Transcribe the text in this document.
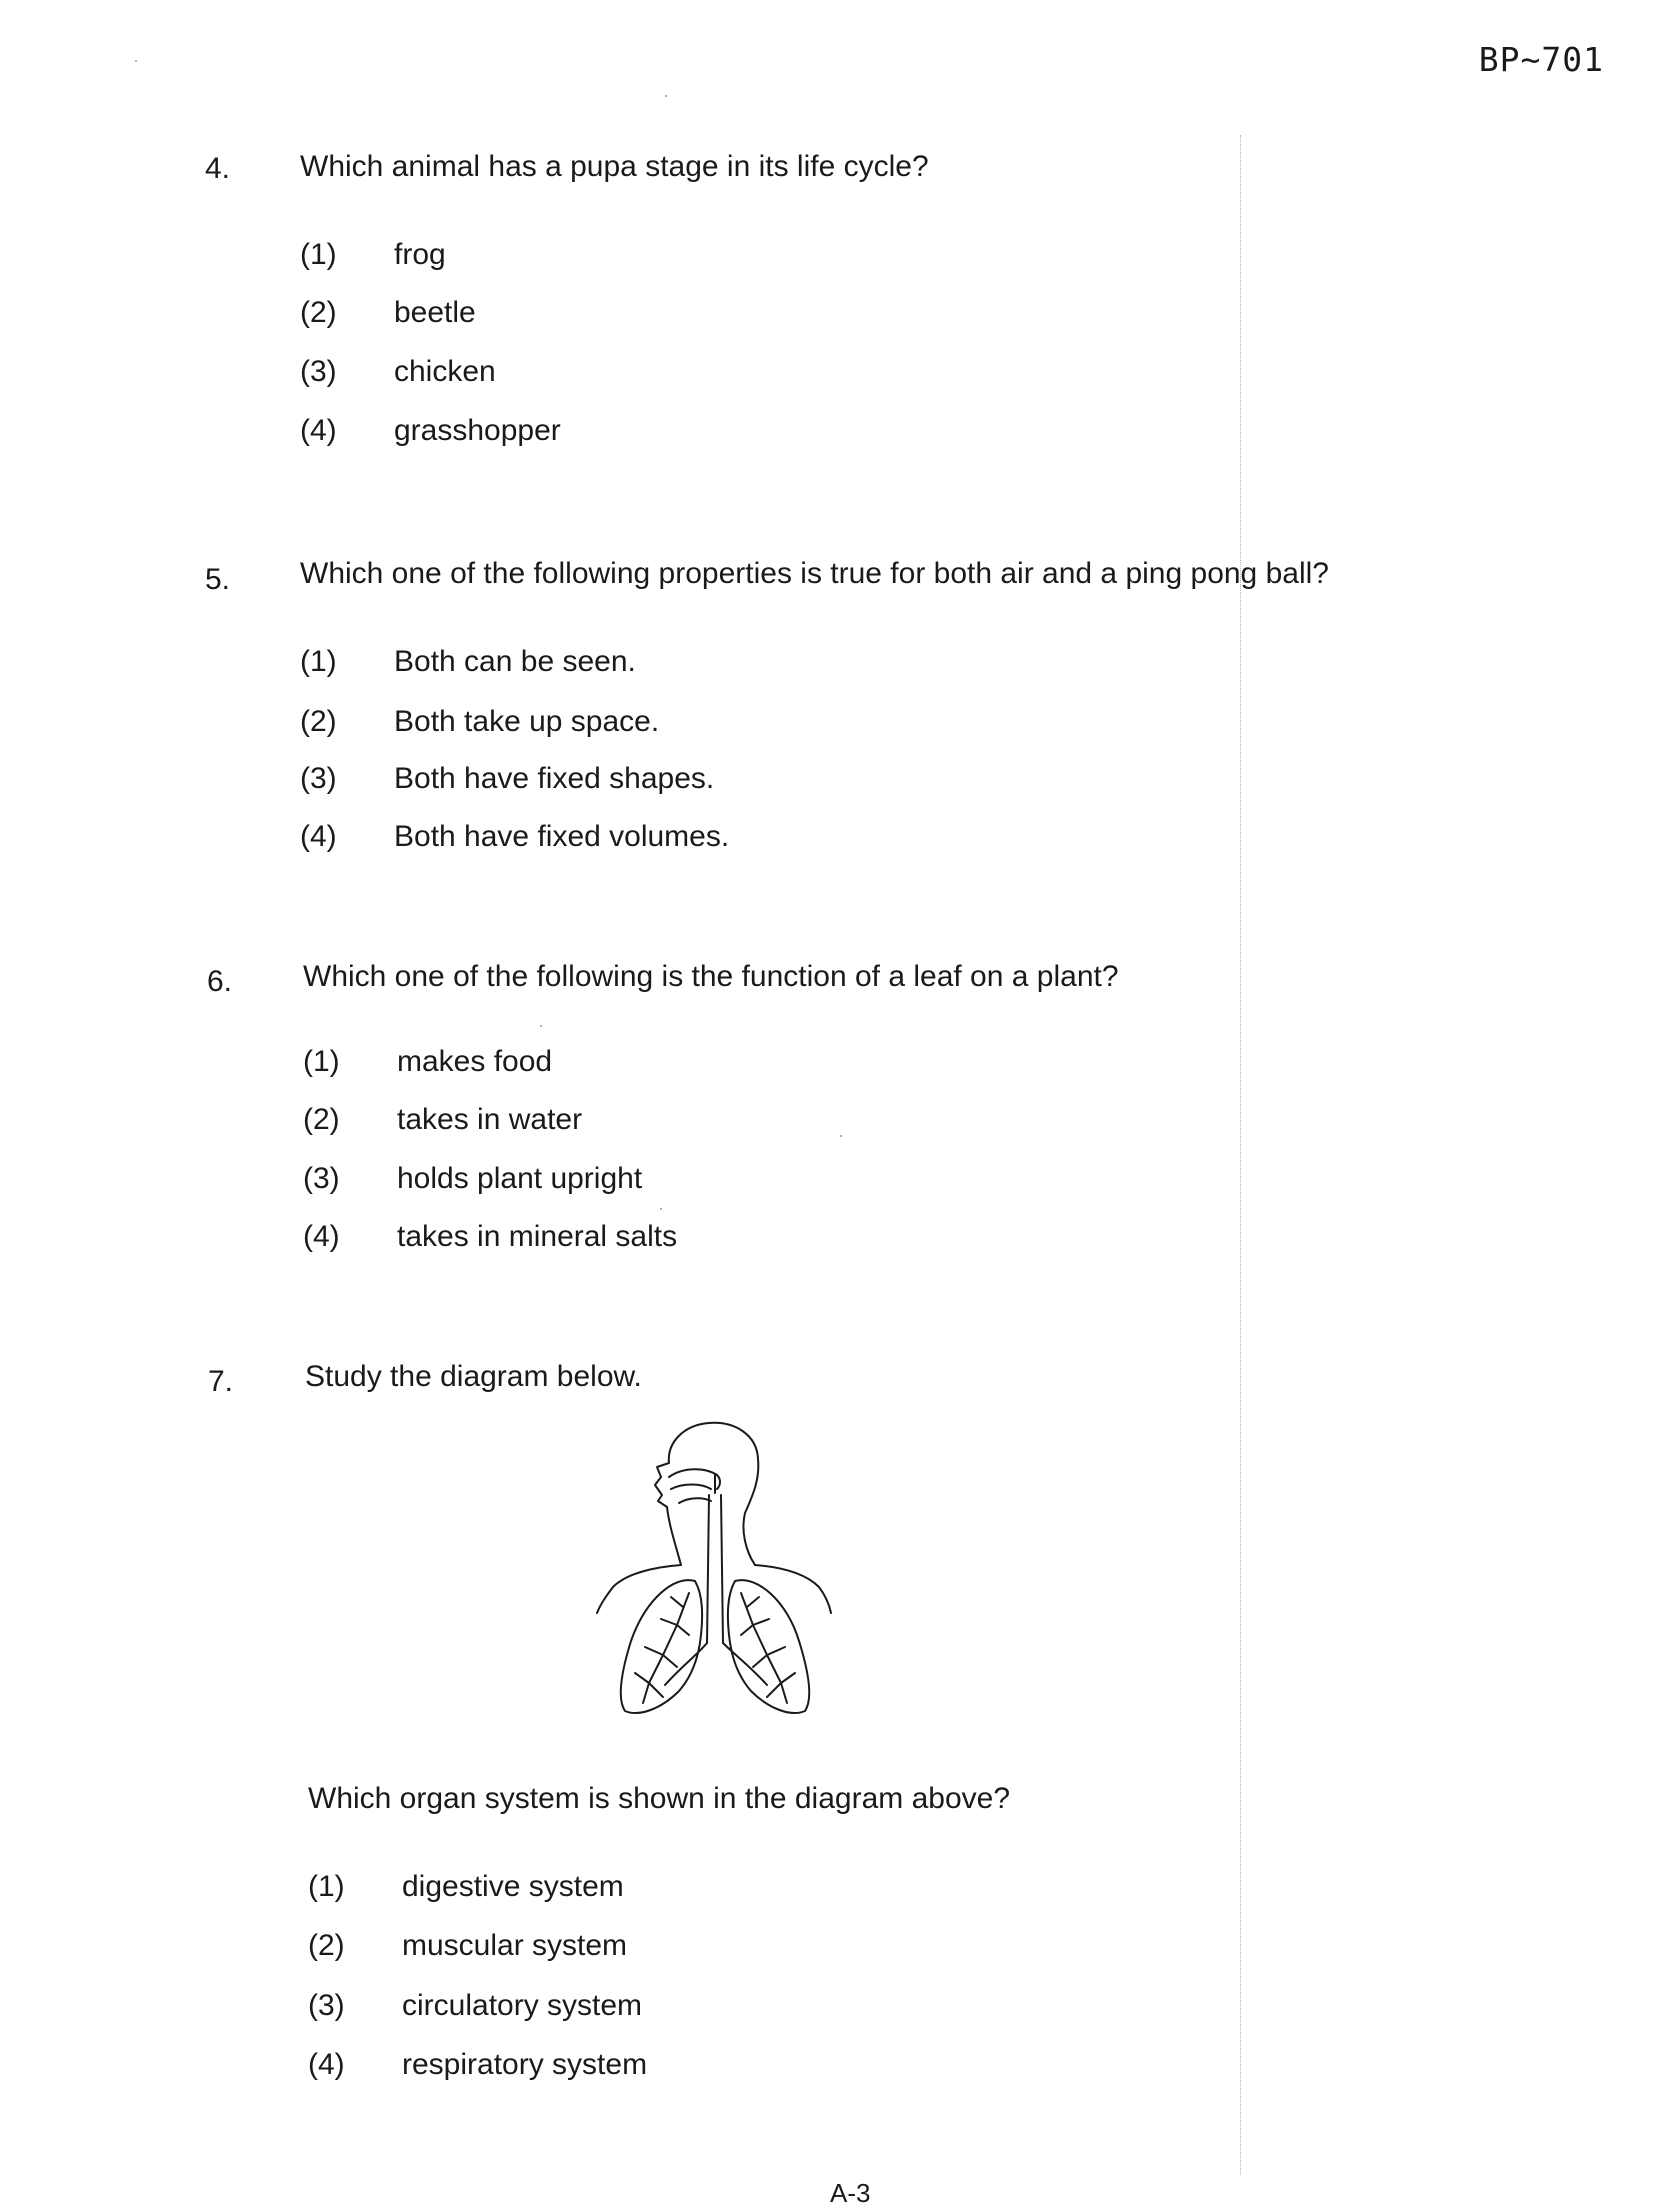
BP~701
4. Which animal has a pupa stage in its life cycle?
(1) frog
(2) beetle
(3) chicken
(4) grasshopper
5. Which one of the following properties is true for both air and a ping pong ball?
(1) Both can be seen.
(2) Both take up space.
(3) Both have fixed shapes.
(4) Both have fixed volumes.
6. Which one of the following is the function of a leaf on a plant?
(1) makes food
(2) takes in water
(3) holds plant upright
(4) takes in mineral salts
7. Study the diagram below.
Which organ system is shown in the diagram above?
(1) digestive system
(2) muscular system
(3) circulatory system
(4) respiratory system
A-3
